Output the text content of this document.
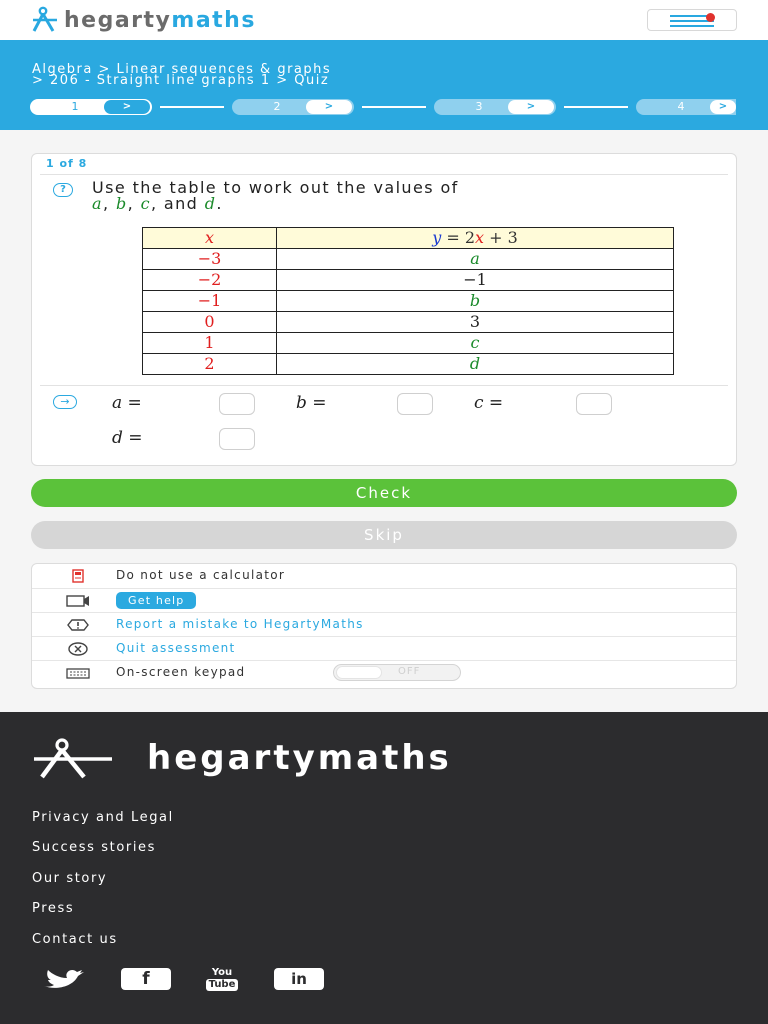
hegartymaths
Algebra > Linear sequences & graphs
> 206 - Straight line graphs 1 > Quiz
1	>	2	>	3	>	4	>
1 of 8
?	Use the table to work out the values of
a, b, c, and d.
x	y = 2x + 3
−3	a
−2	−1
−1	b
0	3
1	c
2	d
→	a =	b =	c =
d =
Check
Skip
Do not use a calculator
Get help
Report a mistake to HegartyMaths
Quit assessment
On-screen keypad	OFF
hegartymaths
Privacy and Legal
Success stories
Our story
Press
Contact us
f	You
Tube	in
